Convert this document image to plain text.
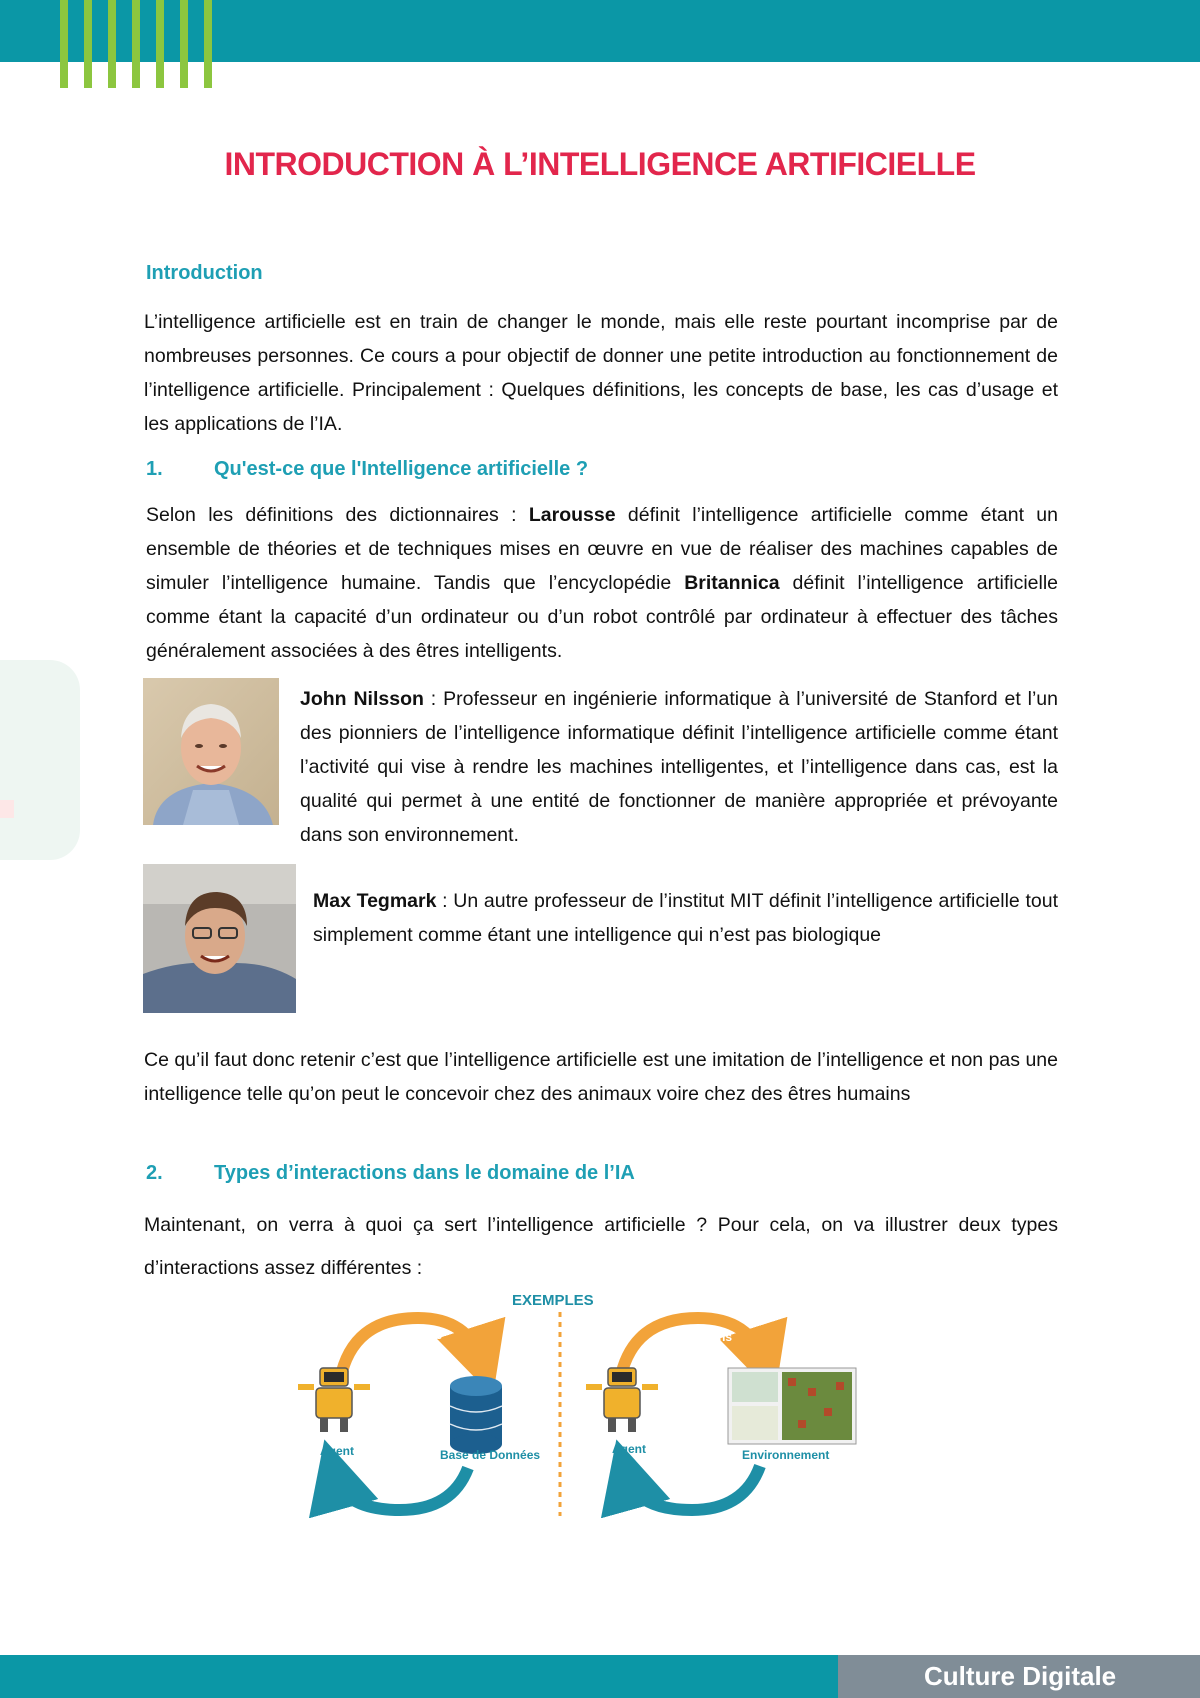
INTRODUCTION À L’INTELLIGENCE ARTIFICIELLE
Introduction
L’intelligence artificielle est en train de changer le monde, mais elle reste pourtant incomprise par de nombreuses personnes. Ce cours a pour objectif de donner une petite introduction au fonctionnement de l’intelligence artificielle. Principalement : Quelques définitions, les concepts de base, les cas d’usage et les applications de l’IA.
1.	Qu'est-ce que l'Intelligence artificielle ?
Selon les définitions des dictionnaires : Larousse définit l’intelligence artificielle comme étant un ensemble de théories et de techniques mises en œuvre en vue de réaliser des machines capables de simuler l’intelligence humaine. Tandis que l’encyclopédie Britannica définit l’intelligence artificielle comme étant la capacité d’un ordinateur ou d’un robot contrôlé par ordinateur à effectuer des tâches généralement associées à des êtres intelligents.
John Nilsson : Professeur en ingénierie informatique à l’université de Stanford et l’un des pionniers de l’intelligence informatique définit l’intelligence artificielle comme étant l’activité qui vise à rendre les machines intelligentes, et l’intelligence dans cas, est la qualité qui permet à une entité de fonctionner de manière appropriée et prévoyante dans son environnement.
Max Tegmark : Un autre professeur de l’institut MIT définit l’intelligence artificielle tout simplement comme étant une intelligence qui n’est pas biologique
Ce qu’il faut donc retenir c’est que l’intelligence artificielle est une imitation de l’intelligence et non pas une intelligence telle qu’on peut le concevoir chez des animaux voire chez des êtres humains
2.	Types d’interactions dans le domaine de l’IA
Maintenant, on verra à quoi ça sert l’intelligence artificielle ? Pour cela, on va illustrer deux types d’interactions assez différentes :
EXEMPLES
Résultats
Données
Agent	Base de Données
Actions
Etats
Agent	Environnement
Culture Digitale
